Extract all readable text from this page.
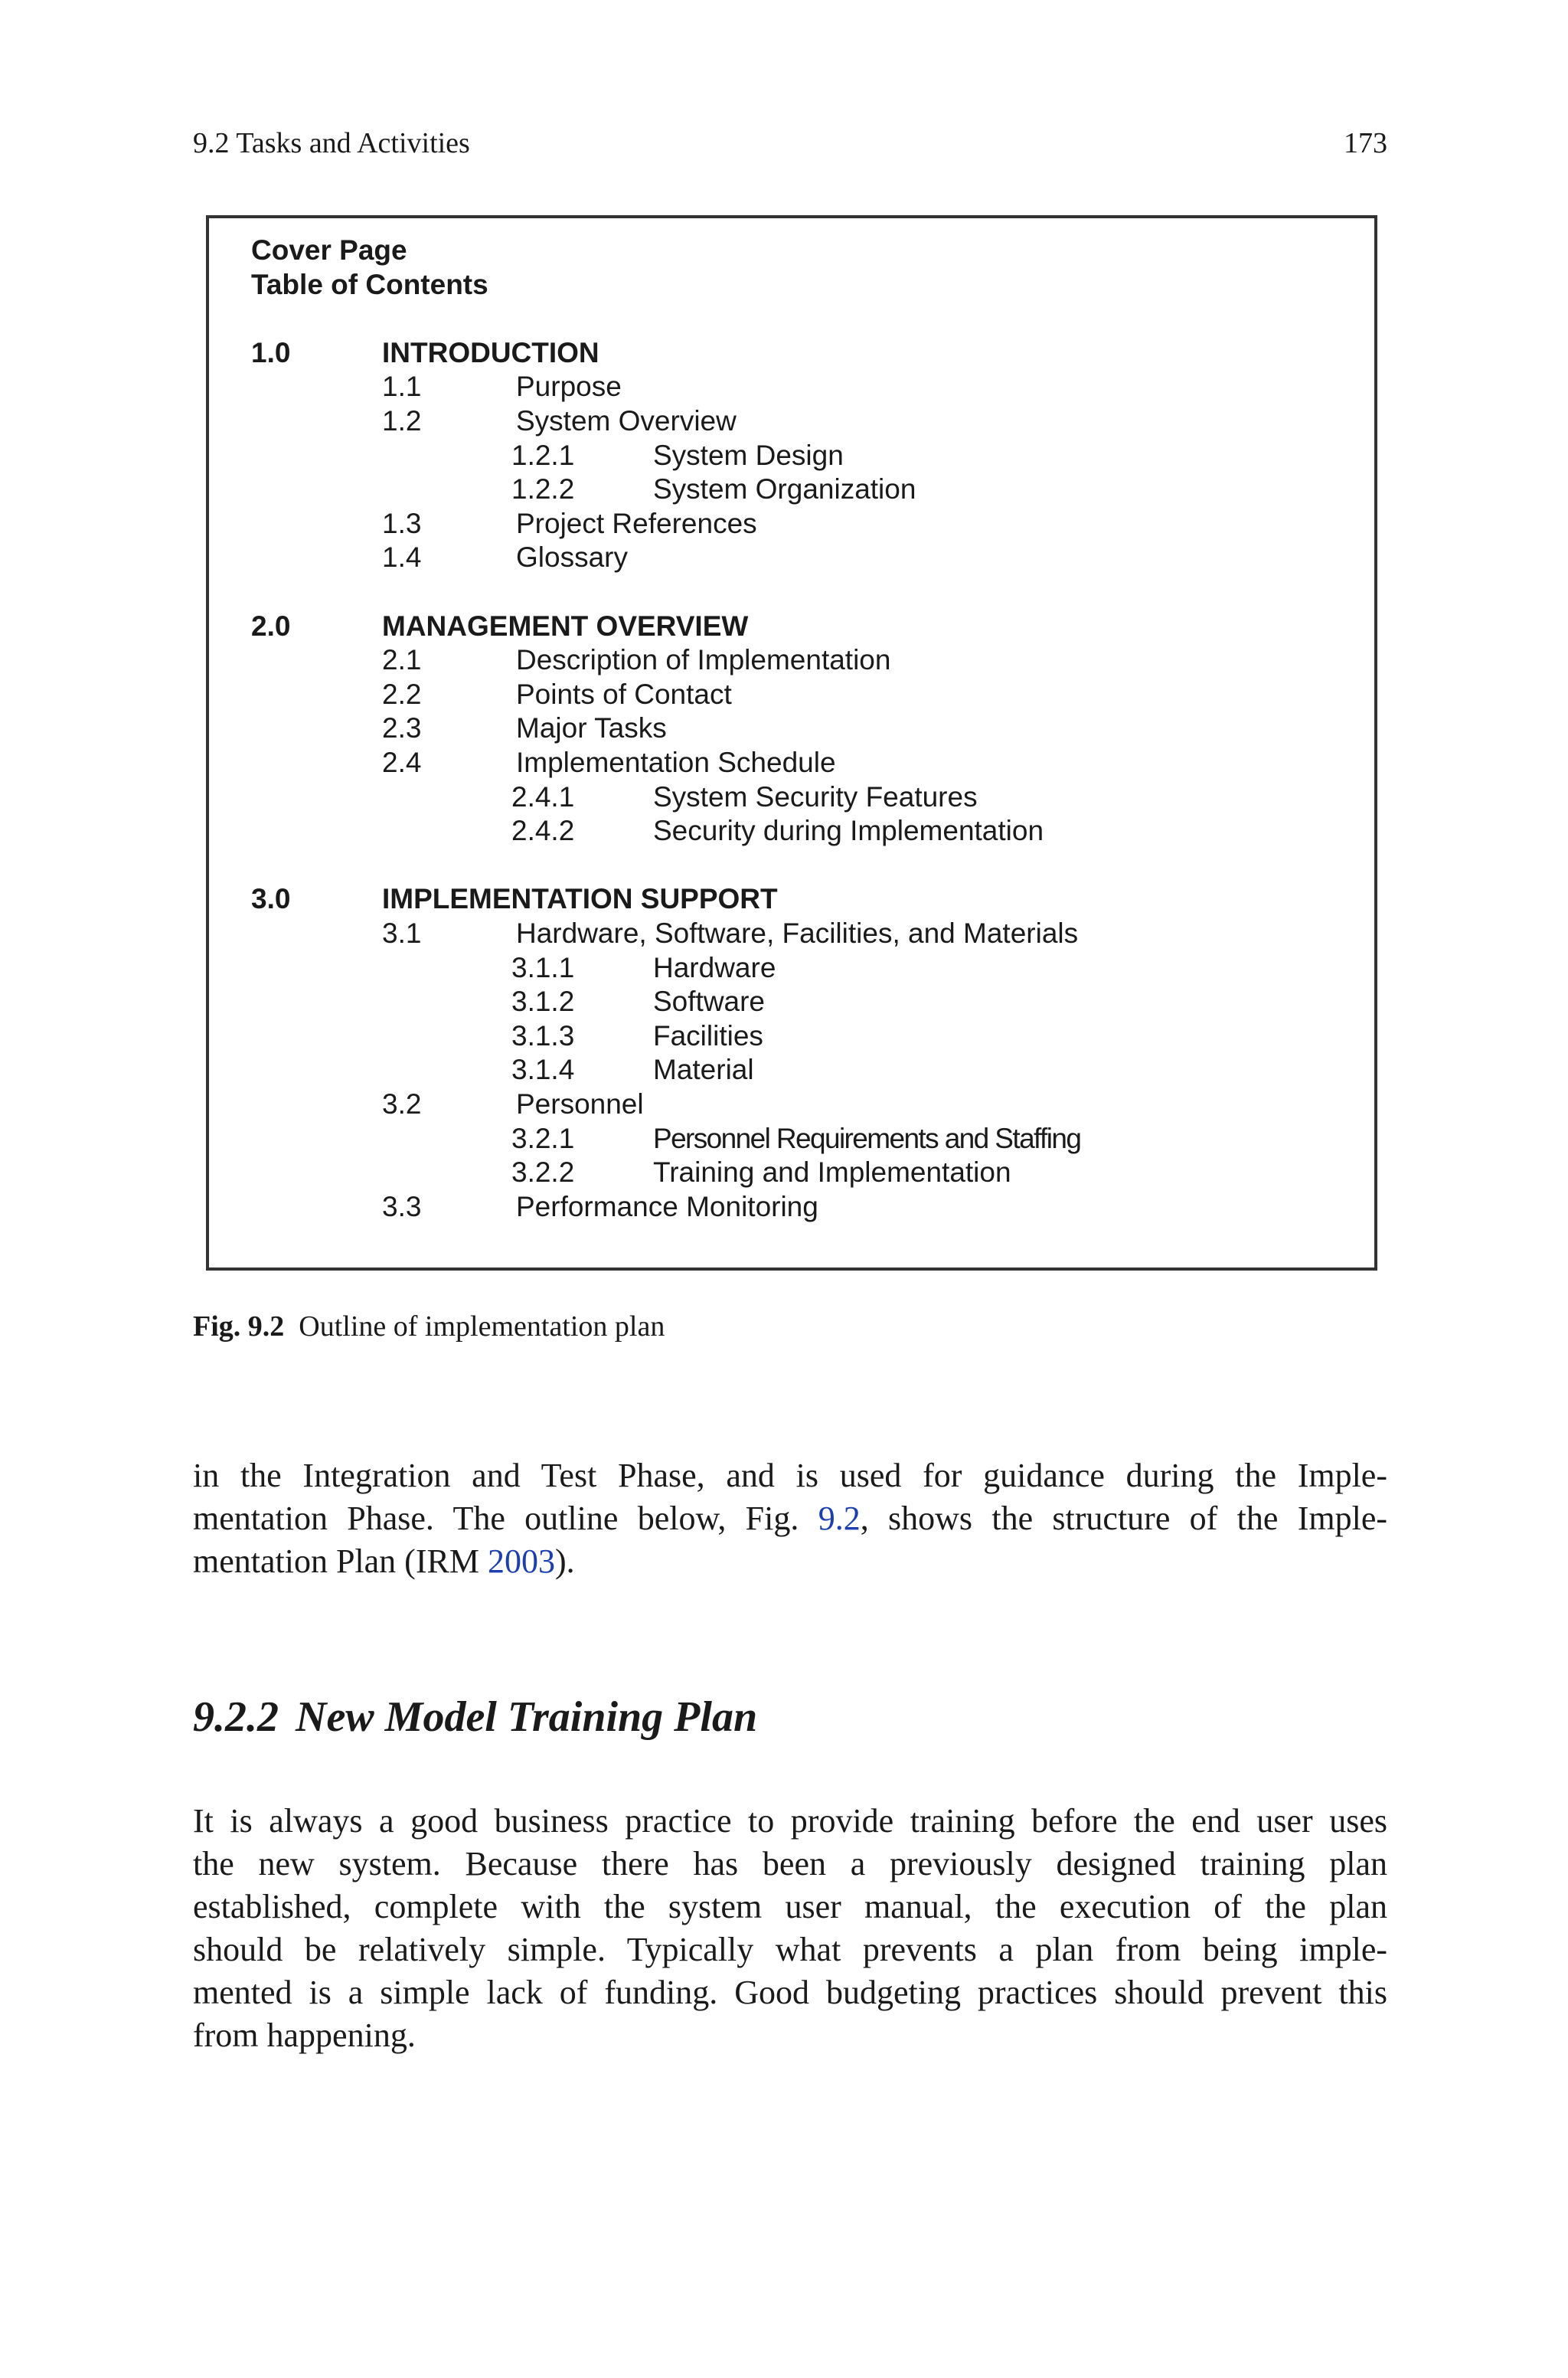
9.2 Tasks and Activities	173
Cover Page
Table of Contents
1.0	INTRODUCTION
1.1	Purpose
1.2	System Overview
1.2.1	System Design
1.2.2	System Organization
1.3	Project References
1.4	Glossary
2.0	MANAGEMENT OVERVIEW
2.1	Description of Implementation
2.2	Points of Contact
2.3	Major Tasks
2.4	Implementation Schedule
2.4.1	System Security Features
2.4.2	Security during Implementation
3.0	IMPLEMENTATION SUPPORT
3.1	Hardware, Software, Facilities, and Materials
3.1.1	Hardware
3.1.2	Software
3.1.3	Facilities
3.1.4	Material
3.2	Personnel
3.2.1	Personnel Requirements and Staffing
3.2.2	Training and Implementation
3.3	Performance Monitoring
Fig. 9.2 Outline of implementation plan
in the Integration and Test Phase, and is used for guidance during the Imple-
mentation Phase. The outline below, Fig. 9.2, shows the structure of the Imple-
mentation Plan (IRM 2003).
9.2.2 New Model Training Plan
It is always a good business practice to provide training before the end user uses
the new system. Because there has been a previously designed training plan
established, complete with the system user manual, the execution of the plan
should be relatively simple. Typically what prevents a plan from being imple-
mented is a simple lack of funding. Good budgeting practices should prevent this
from happening.
